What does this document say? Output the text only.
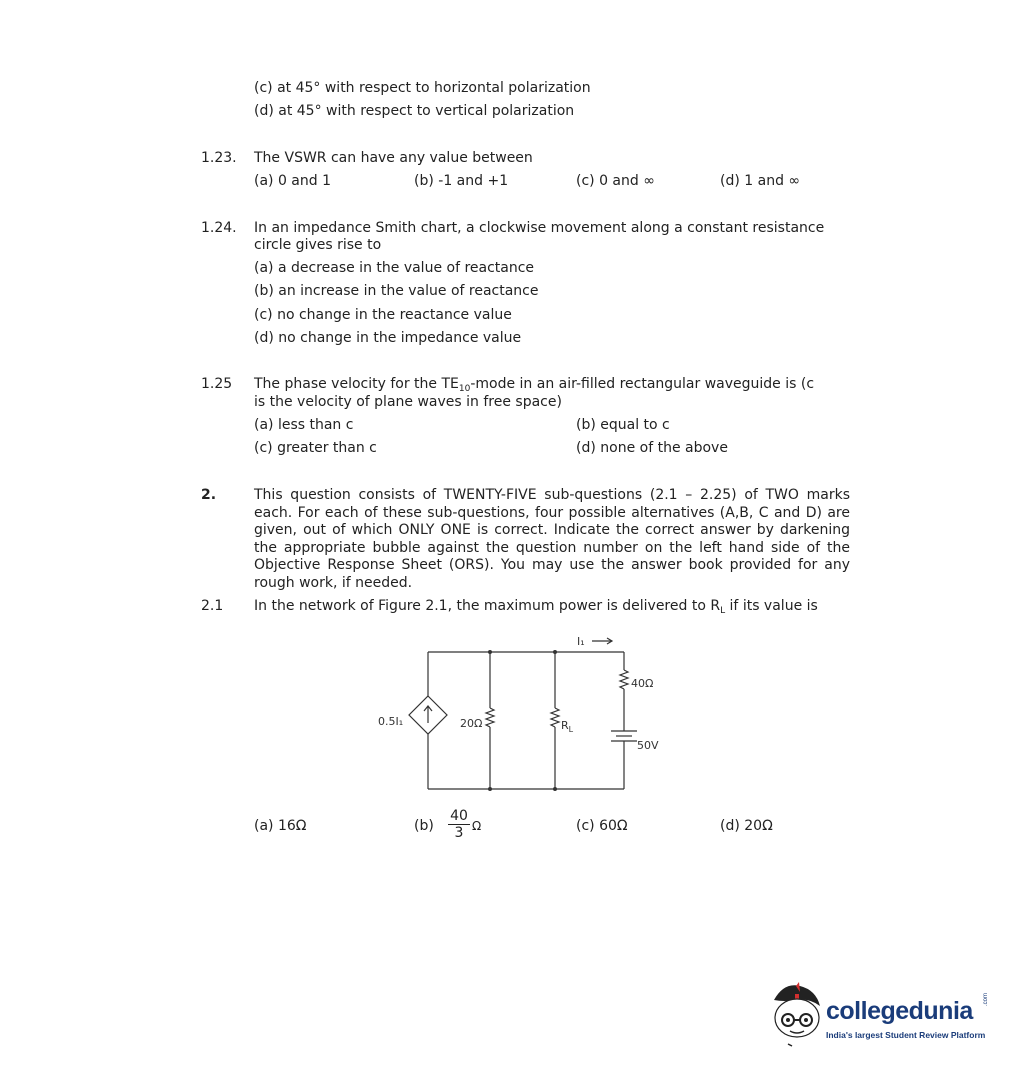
(c) at 45° with respect to horizontal polarization
(d) at 45° with respect to vertical polarization
1.23. The VSWR can have any value between
(a) 0 and 1	(b) -1 and +1	(c) 0 and ∞	(d) 1 and ∞
1.24. In an impedance Smith chart, a clockwise movement along a constant resistance
circle gives rise to
(a) a decrease in the value of reactance
(b) an increase in the value of reactance
(c) no change in the reactance value
(d) no change in the impedance value
1.25 The phase velocity for the $TE_{10}$-mode in an air-filled rectangular waveguide is (c
is the velocity of plane waves in free space)
(a) less than c	(b) equal to c
(c) greater than c	(d) none of the above
2.	This question consists of TWENTY-FIVE sub-questions (2.1 – 2.25) of TWO marks each. For each of these sub-questions, four possible alternatives (A,B, C and D) are given, out of which ONLY ONE is correct. Indicate the correct answer by darkening the appropriate bubble against the question number on the left hand side of the Objective Response Sheet (ORS). You may use the answer book provided for any rough work, if needed.
2.1 In the network of Figure 2.1, the maximum power is delivered to $R_L$ if its value is
I₁
0.5I₁	20Ω	$R_L$
40Ω
50V
(a) 16Ω	$(b) \frac{40}{3}$ Ω	(c) 60Ω	(d) 20Ω
collegedunia .com
India's largest Student Review Platform
